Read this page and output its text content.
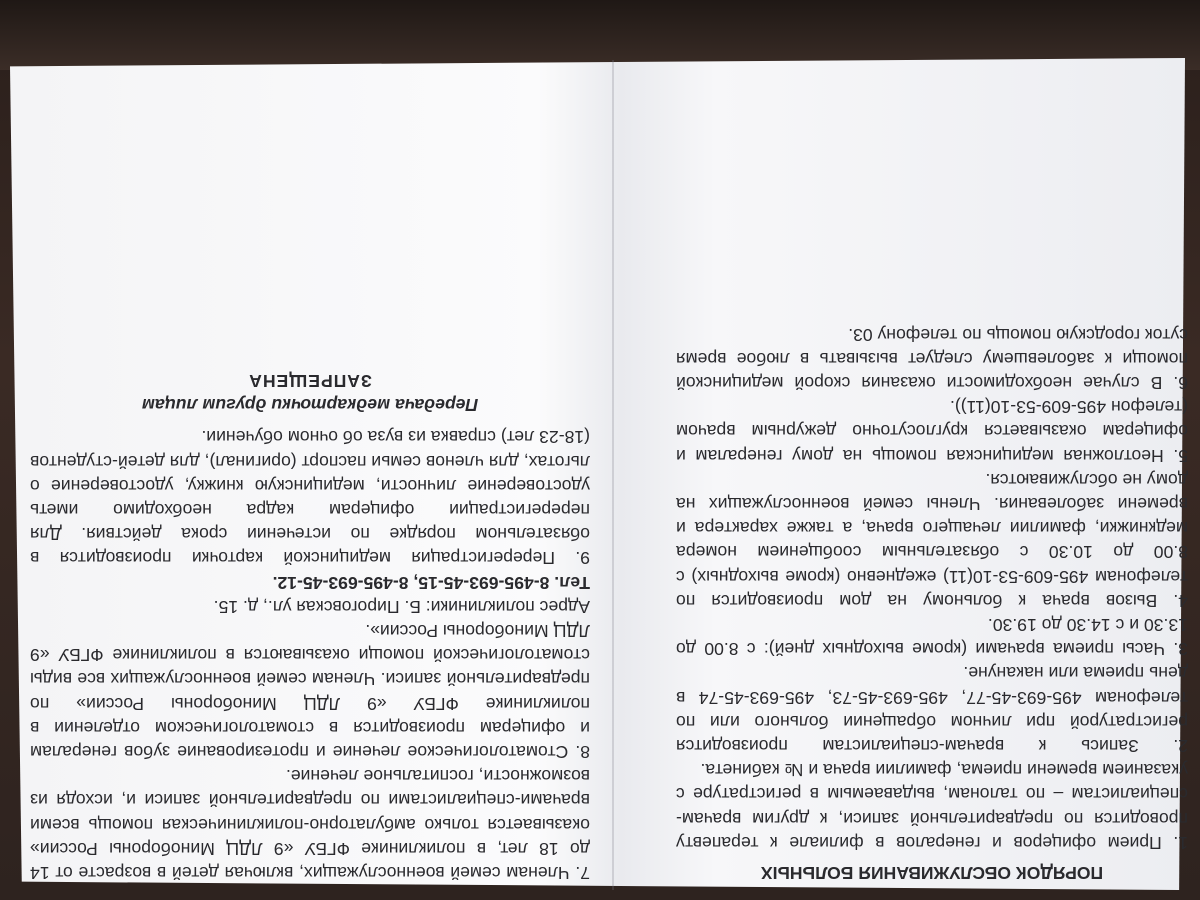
ПОРЯДОК ОБСЛУЖИВАНИЯ БОЛЬНЫХ
1. Прием офицеров и генералов в филиале к терапевту проводится по предварительной записи, к другим врачам-специалистам – по талонам, выдаваемым в регистратуре с указанием времени приема, фамилии врача и № кабинета.
2. Запись к врачам-специалистам производится регистратурой при личном обращении больного или по телефонам 495-693-45-77, 495-693-45-73, 495-693-45-74 в день приема или накануне.
3. Часы приема врачами (кроме выходных дней): с 8.00 до 13.30 и с 14.30 до 19.30.
4. Вызов врача к больному на дом производится по телефонам 495-609-53-10(11) ежедневно (кроме выходных) с 8.00 до 10.30 с обязательным сообщением номера медкнижки, фамилии лечащего врача, а также характера и времени заболевания. Члены семей военнослужащих на дому не обслуживаются.
5. Неотложная медицинская помощь на дому генералам и офицерам оказывается круглосуточно дежурным врачом (телефон 495-609-53-10(11)).
6. В случае необходимости оказания скорой медицинской помощи к заболевшему следует вызывать в любое время суток городскую помощь по телефону 03.
7. Членам семей военнослужащих, включая детей в возрасте от 14 до 18 лет, в поликлинике ФГБУ «9 ЛДЦ Минобороны России» оказывается только амбулаторно-поликлиническая помощь всеми врачами-специалистами по предварительной записи и, исходя из возможности, госпитальное лечение.
8. Стоматологическое лечение и протезирование зубов генералам и офицерам производится в стоматологическом отделении в поликлинике ФГБУ «9 ЛДЦ Минобороны России» по предварительной записи. Членам семей военнослужащих все виды стоматологической помощи оказываются в поликлинике ФГБУ «9 ЛДЦ Минобороны России».
Адрес поликлиники: Б. Пироговская ул., д. 15.
Тел. 8-495-693-45-15, 8-495-693-45-12.
9. Перерегистрация медицинской карточки производится в обязательном порядке по истечении срока действия. Для перерегистрации офицерам кадра необходимо иметь удостоверение личности, медицинскую книжку, удостоверение о льготах, для членов семьи паспорт (оригинал), для детей-студентов (18-23 лет) справка из вуза об очном обучении.
Передача медкарточки другим лицам
ЗАПРЕЩЕНА
